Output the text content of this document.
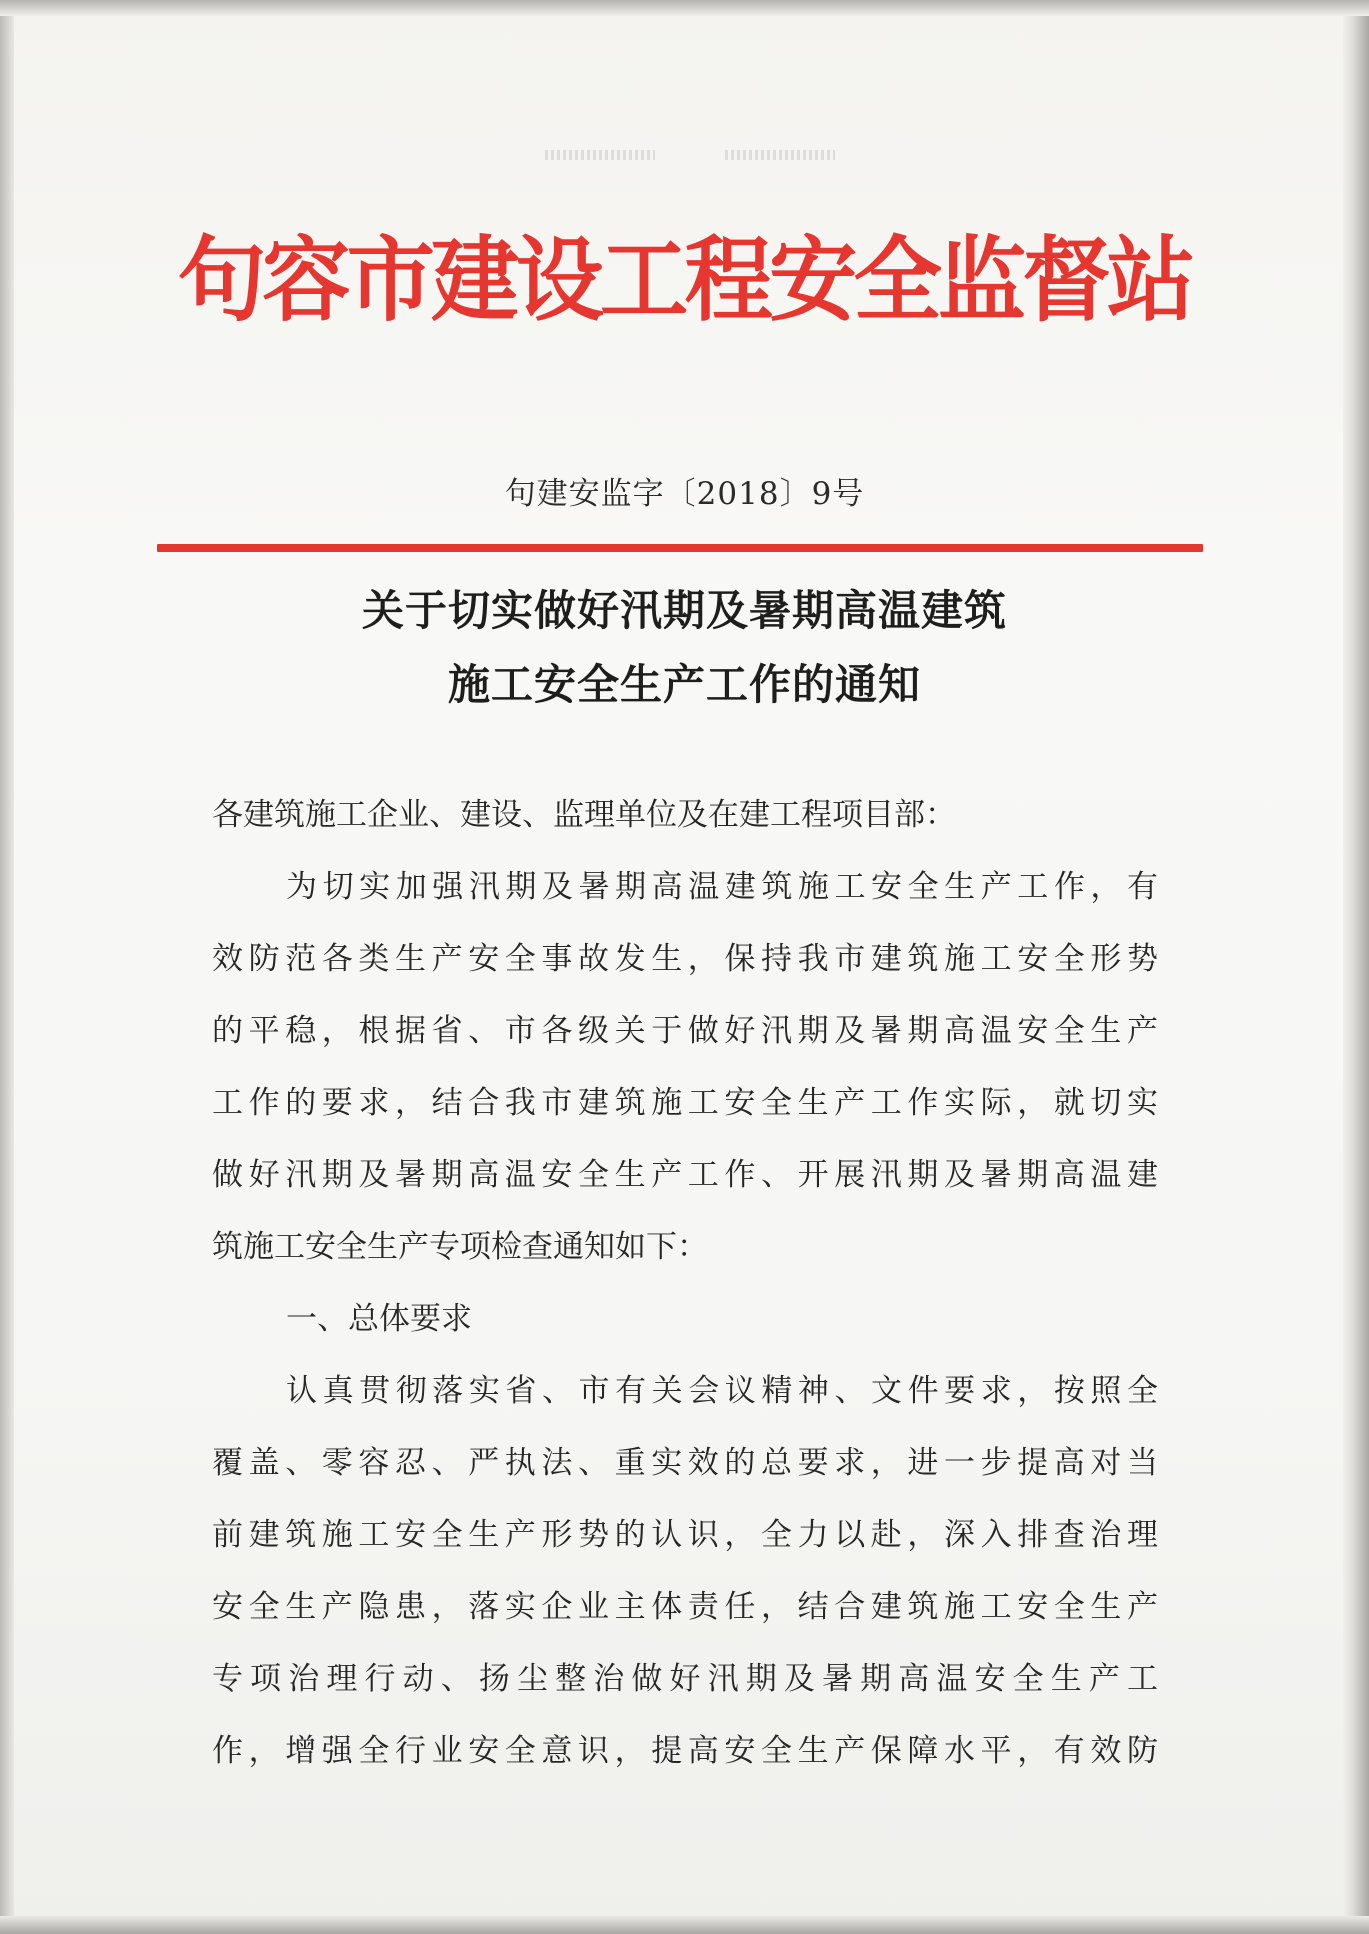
句容市建设工程安全监督站
句建安监字〔2018〕9号
关于切实做好汛期及暑期高温建筑
施工安全生产工作的通知
各建筑施工企业、建设、监理单位及在建工程项目部：
为切实加强汛期及暑期高温建筑施工安全生产工作，有
效防范各类生产安全事故发生，保持我市建筑施工安全形势
的平稳，根据省、市各级关于做好汛期及暑期高温安全生产
工作的要求，结合我市建筑施工安全生产工作实际，就切实
做好汛期及暑期高温安全生产工作、开展汛期及暑期高温建
筑施工安全生产专项检查通知如下：
一、总体要求
认真贯彻落实省、市有关会议精神、文件要求，按照全
覆盖、零容忍、严执法、重实效的总要求，进一步提高对当
前建筑施工安全生产形势的认识，全力以赴，深入排查治理
安全生产隐患，落实企业主体责任，结合建筑施工安全生产
专项治理行动、扬尘整治做好汛期及暑期高温安全生产工
作，增强全行业安全意识，提高安全生产保障水平，有效防
